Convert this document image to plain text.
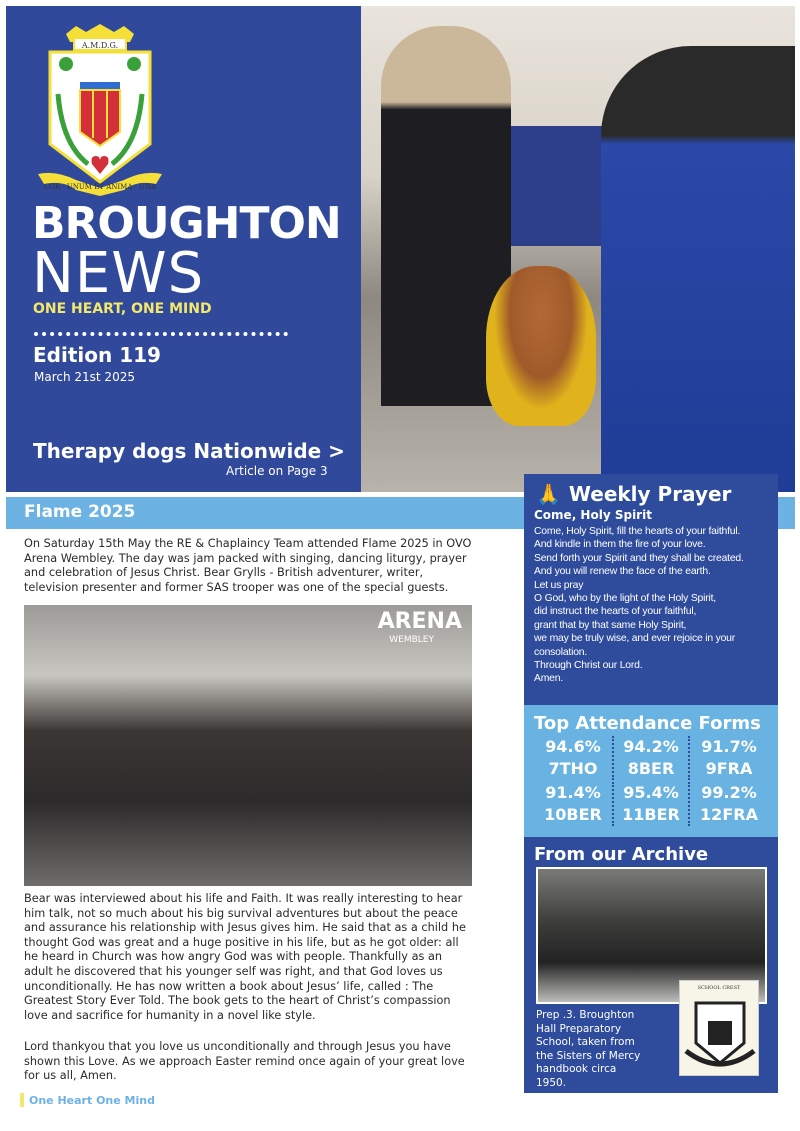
A.M.D.G.
COR · UNUM ET ANIMA · UNA
BROUGHTON
NEWS
ONE HEART, ONE MIND
Edition 119
March 21st 2025
Therapy dogs Nationwide >
Article on Page 3
Flame 2025
On Saturday 15th May the RE & Chaplaincy Team attended Flame 2025 in OVO Arena Wembley. The day was jam packed with singing, dancing liturgy, prayer and celebration of Jesus Christ. Bear Grylls - British adventurer, writer, television presenter and former SAS trooper was one of the special guests.
ARENA
WEMBLEY
Bear was interviewed about his life and Faith. It was really interesting to hear him talk, not so much about his big survival adventures but about the peace and assurance his relationship with Jesus gives him. He said that as a child he thought God was great and a huge positive in his life, but as he got older: all he heard in Church was how angry God was with people. Thankfully as an adult he discovered that his younger self was right, and that God loves us unconditionally. He has now written a book about Jesus’ life, called : The Greatest Story Ever Told. The book gets to the heart of Christ’s compassion love and sacrifice for humanity in a novel like style.
Lord thankyou that you love us unconditionally and through Jesus you have shown this Love. As we approach Easter remind once again of your great love for us all, Amen.
One Heart One Mind
🙏 Weekly Prayer
Come, Holy Spirit

Come, Holy Spirit, fill the hearts of your faithful.
And kindle in them the fire of your love.
Send forth your Spirit and they shall be created.
And you will renew the face of the earth.
Let us pray
O God, who by the light of the Holy Spirit,
did instruct the hearts of your faithful,
grant that by that same Holy Spirit,
we may be truly wise, and ever rejoice in your consolation.
Through Christ our Lord.
Amen.

Top Attendance Forms
94.6%
7THO
94.2%
8BER
91.7%
9FRA
91.4%
10BER
95.4%
11BER
99.2%
12FRA
From our Archive
Prep .3. Broughton Hall Preparatory School, taken from the Sisters of Mercy handbook circa 1950.
SCHOOL CREST
